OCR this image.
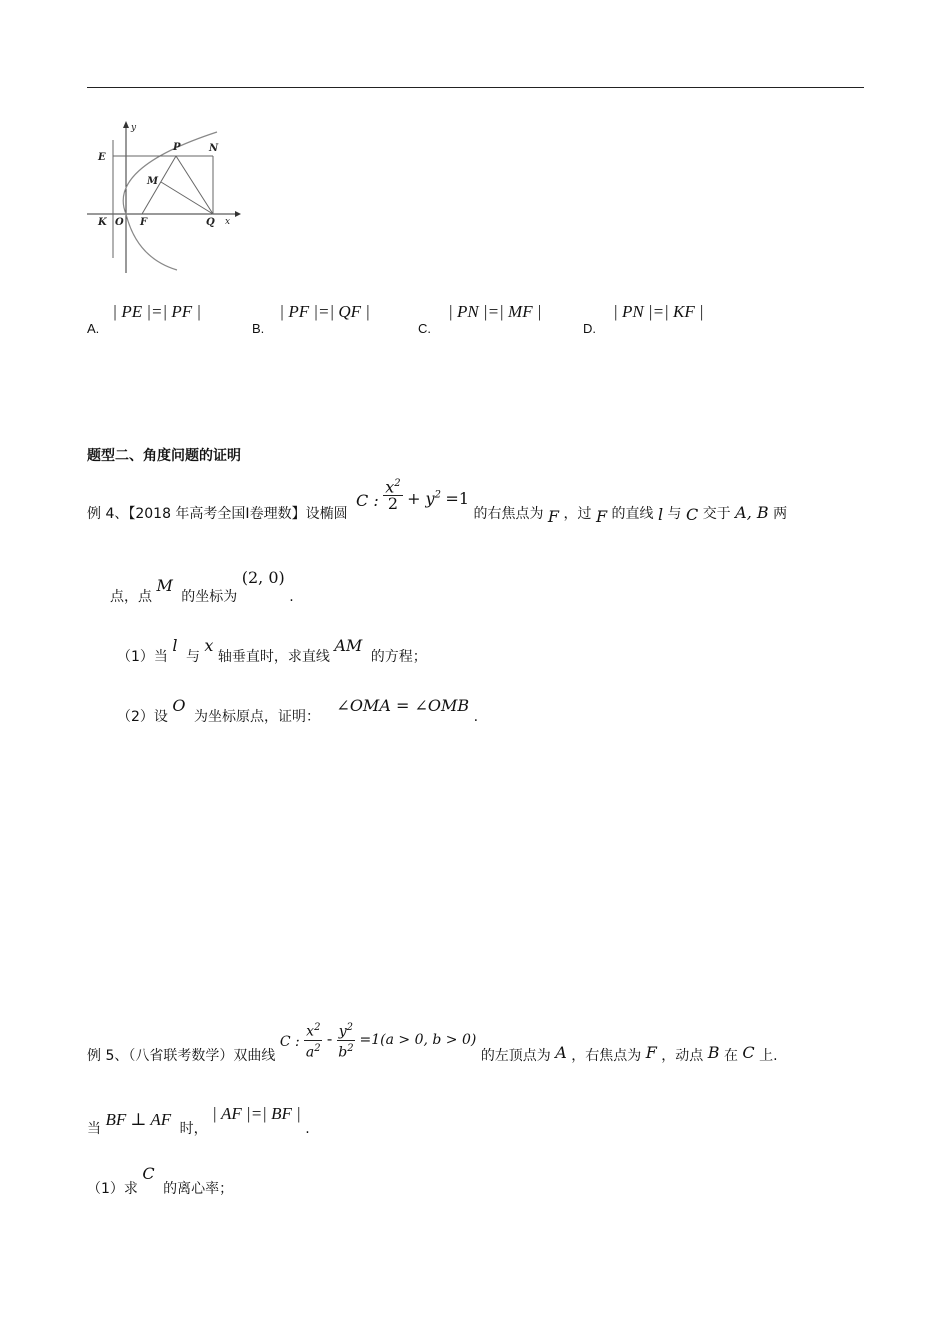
y
E
P	N
M
K O F	Q x
$_{A.}$ | PE |=| PF |
$_{B.}$ | PF |=| QF |
$_{C.}$ | PN |=| MF |
$_{D.}$ | PN |=| KF |
题型二、角度问题的证明
例 4、【2018 年高考全国Ⅰ卷理数】设椭圆 C : $\frac{x^2}{2} + y^2 =1$ 的右焦点为 F ，过 F 的直线 l 与 C 交于 A, B 两
点，点 M 的坐标为 (2, 0) .
（1）当 l 与 x 轴垂直时，求直线 AM 的方程；
（2）设 O 为坐标原点，证明： ∠OMA = ∠OMB .
例 5、（八省联考数学）双曲线 C : $\frac{x^2}{a^2} - \frac{y^2}{b^2} =1(a > 0$, b > 0) 的左顶点为 A ，右焦点为 F ，动点 B 在 C 上.
当 BF ⊥ AF 时， | AF |=| BF | .
（1）求 C 的离心率；
